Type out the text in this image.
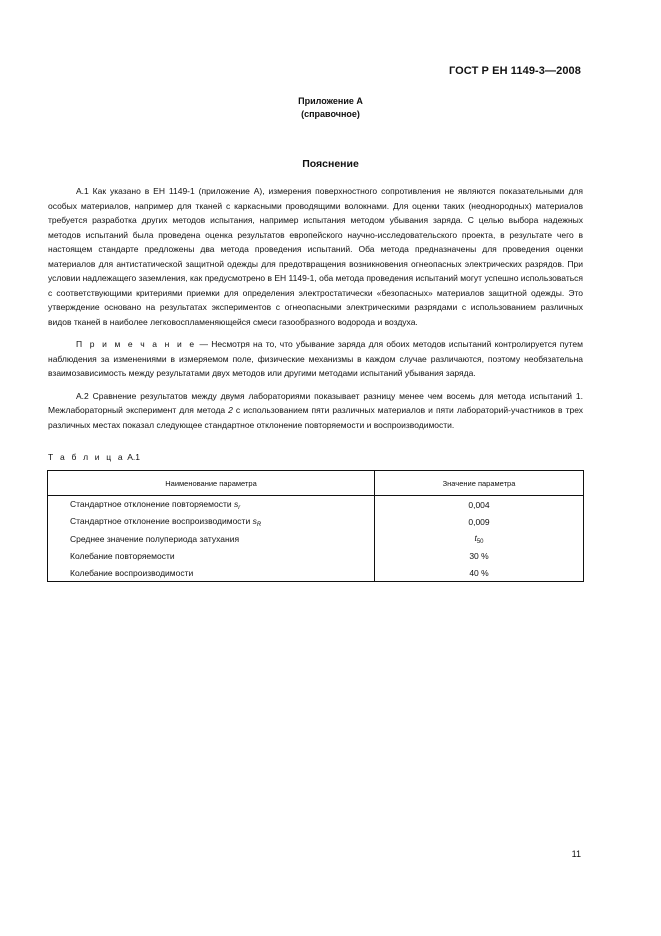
ГОСТ Р ЕН 1149-3—2008
Приложение А
(справочное)
Пояснение

А.1 Как указано в ЕН 1149-1 (приложение А), измерения поверхностного сопротивления не являются показательными для особых материалов, например для тканей с каркасными проводящими волокнами. Для оценки таких (неоднородных) материалов требуется разработка других методов испытания, например испытания методом убывания заряда. С целью выбора надежных методов испытаний была проведена оценка результатов европейского научно-исследовательского проекта, в результате чего в настоящем стандарте предложены два метода проведения испытаний. Оба метода предназначены для проведения оценки материалов для антистатической защитной одежды для предотвращения возникновения огнеопасных электрических разрядов. При условии надлежащего заземления, как предусмотрено в ЕН 1149-1, оба метода проведения испытаний могут успешно использоваться с соответствующими критериями приемки для определения электростатически «безопасных» материалов защитной одежды. Это утверждение основано на результатах экспериментов с огнеопасными электрическими разрядами с использованием различных видов тканей в наиболее легковоспламеняющейся смеси газообразного водорода и воздуха.

П р и м е ч а н и е — Несмотря на то, что убывание заряда для обоих методов испытаний контролируется путем наблюдения за изменениями в измеряемом поле, физические механизмы в каждом случае различаются, поэтому необязательна взаимозависимость между результатами двух методов или другими методами испытаний убывания заряда.

А.2 Сравнение результатов между двумя лабораториями показывает разницу менее чем восемь для метода испытаний 1. Межлабораторный эксперимент для метода 2 с использованием пяти различных материалов и пяти лабораторий-участников в трех различных местах показал следующее стандартное отклонение повторяемости и воспроизводимости.

Т а б л и ц а А.1
Наименование параметра	Значение параметра
Стандартное отклонение повторяемости $s_r$	0,004
Стандартное отклонение воспроизводимости $s_R$	0,009
Среднее значение полупериода затухания	$t_{50}$
Колебание повторяемости	30 %
Колебание воспроизводимости	40 %
11
